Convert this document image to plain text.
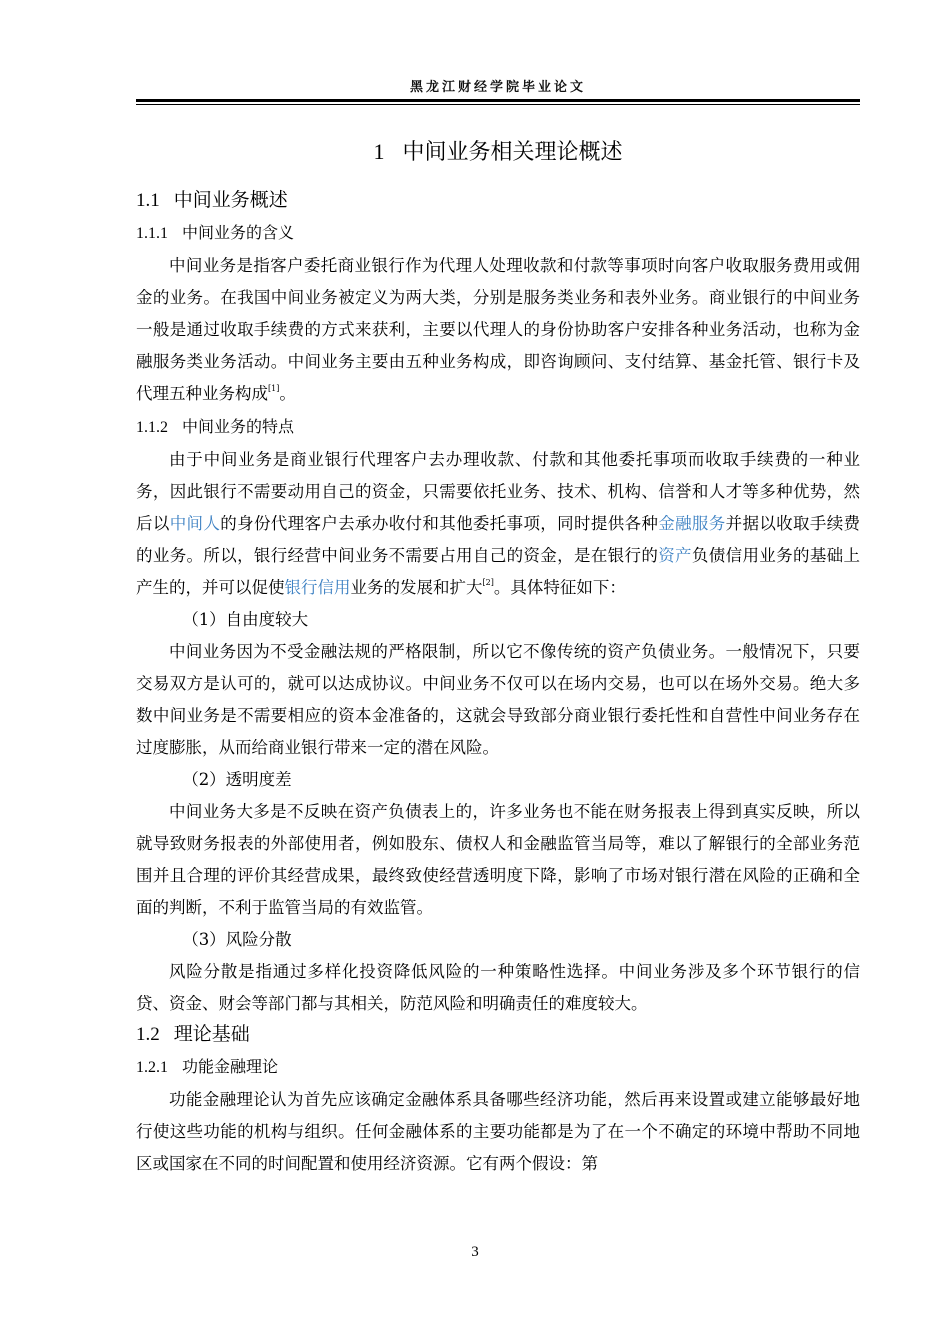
黑龙江财经学院毕业论文
1 中间业务相关理论概述
1.1 中间业务概述
1.1.1 中间业务的含义

中间业务是指客户委托商业银行作为代理人处理收款和付款等事项时向客户收取服务费用或佣金的业务。在我国中间业务被定义为两大类，分别是服务类业务和表外业务。商业银行的中间业务一般是通过收取手续费的方式来获利，主要以代理人的身份协助客户安排各种业务活动，也称为金融服务类业务活动。中间业务主要由五种业务构成，即咨询顾问、支付结算、基金托管、银行卡及代理五种业务构成[1]。

1.1.2 中间业务的特点

由于中间业务是商业银行代理客户去办理收款、付款和其他委托事项而收取手续费的一种业务，因此银行不需要动用自己的资金，只需要依托业务、技术、机构、信誉和人才等多种优势，然后以中间人的身份代理客户去承办收付和其他委托事项，同时提供各种金融服务并据以收取手续费的业务。所以，银行经营中间业务不需要占用自己的资金，是在银行的资产负债信用业务的基础上产生的，并可以促使银行信用业务的发展和扩大[2]。具体特征如下：

（1）自由度较大

中间业务因为不受金融法规的严格限制，所以它不像传统的资产负债业务。一般情况下，只要交易双方是认可的，就可以达成协议。中间业务不仅可以在场内交易，也可以在场外交易。绝大多数中间业务是不需要相应的资本金准备的，这就会导致部分商业银行委托性和自营性中间业务存在过度膨胀，从而给商业银行带来一定的潜在风险。

（2）透明度差

中间业务大多是不反映在资产负债表上的，许多业务也不能在财务报表上得到真实反映，所以就导致财务报表的外部使用者，例如股东、债权人和金融监管当局等，难以了解银行的全部业务范围并且合理的评价其经营成果，最终致使经营透明度下降，影响了市场对银行潜在风险的正确和全面的判断，不利于监管当局的有效监管。

（3）风险分散

风险分散是指通过多样化投资降低风险的一种策略性选择。中间业务涉及多个环节银行的信贷、资金、财会等部门都与其相关，防范风险和明确责任的难度较大。

1.2 理论基础
1.2.1 功能金融理论

功能金融理论认为首先应该确定金融体系具备哪些经济功能，然后再来设置或建立能够最好地行使这些功能的机构与组织。任何金融体系的主要功能都是为了在一个不确定的环境中帮助不同地区或国家在不同的时间配置和使用经济资源。它有两个假设：第

3
